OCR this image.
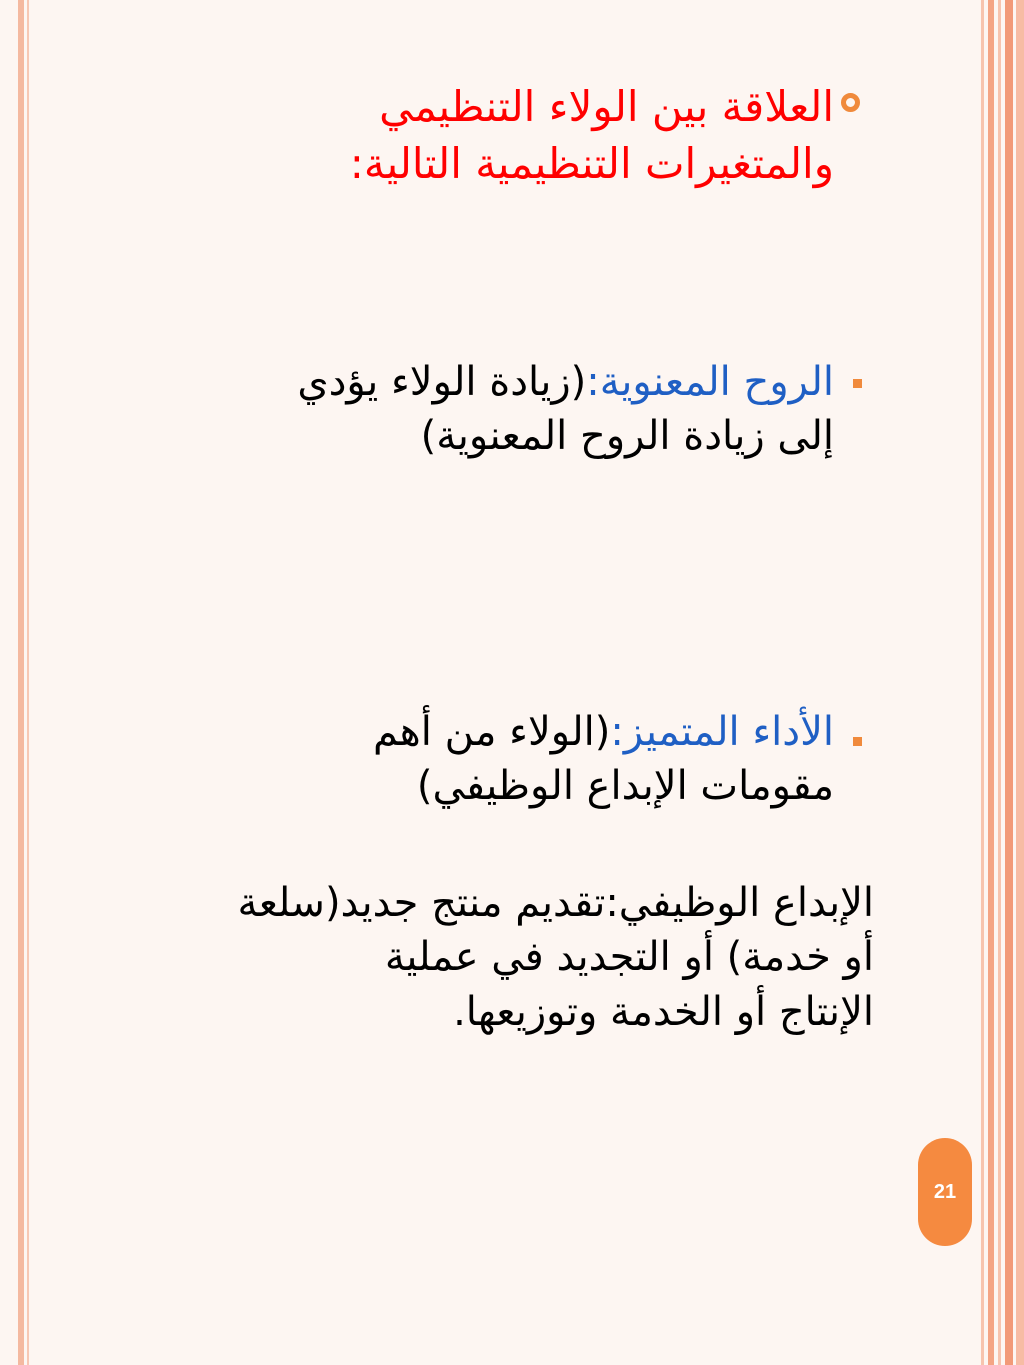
العلاقة بين الولاء التنظيمي
والمتغيرات التنظيمية التالية:

الروح المعنوية:(زيادة الولاء يؤدي
إلى زيادة الروح المعنوية)

الأداء المتميز:(الولاء من أهم
مقومات الإبداع الوظيفي)

الإبداع الوظيفي:تقديم منتج جديد(سلعة
أو خدمة) أو التجديد في عملية
الإنتاج أو الخدمة وتوزيعها.

21
